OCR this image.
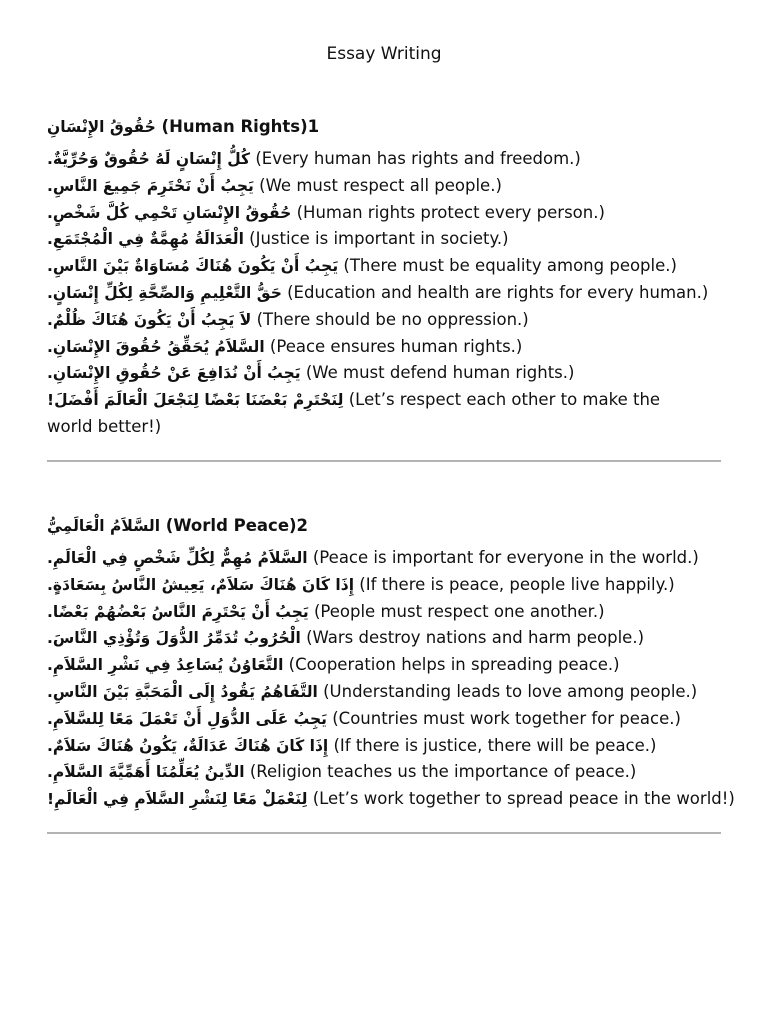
Essay Writing
حُقُوقُ الإِنْسَانِ (Human Rights)1
كُلُّ إِنْسَانٍ لَهُ حُقُوقٌ وَحُرِّيَّةٌ. (Every human has rights and freedom.)
يَجِبُ أَنْ نَحْتَرِمَ جَمِيعَ النَّاسِ. (We must respect all people.)
حُقُوقُ الإِنْسَانِ تَحْمِي كُلَّ شَخْصٍ. (Human rights protect every person.)
الْعَدَالَةُ مُهِمَّةٌ فِي الْمُجْتَمَعِ. (Justice is important in society.)
يَجِبُ أَنْ يَكُونَ هُنَاكَ مُسَاوَاةٌ بَيْنَ النَّاسِ. (There must be equality among people.)
حَقُّ التَّعْلِيمِ وَالصِّحَّةِ لِكُلِّ إِنْسَانٍ. (Education and health are rights for every human.)
لاَ يَجِبُ أَنْ يَكُونَ هُنَاكَ ظُلْمٌ. (There should be no oppression.)
السَّلاَمُ يُحَقِّقُ حُقُوقَ الإِنْسَانِ. (Peace ensures human rights.)
يَجِبُ أَنْ نُدَافِعَ عَنْ حُقُوقِ الإِنْسَانِ. (We must defend human rights.)
لِنَحْتَرِمْ بَعْضَنَا بَعْضًا لِنَجْعَلَ الْعَالَمَ أَفْضَلَ! (Let’s respect each other to make the world better!)
السَّلاَمُ الْعَالَمِيُّ (World Peace)2
السَّلاَمُ مُهِمٌّ لِكُلِّ شَخْصٍ فِي الْعَالَمِ. (Peace is important for everyone in the world.)
إِذَا كَانَ هُنَاكَ سَلاَمٌ، يَعِيشُ النَّاسُ بِسَعَادَةٍ. (If there is peace, people live happily.)
يَجِبُ أَنْ يَحْتَرِمَ النَّاسُ بَعْضُهُمْ بَعْضًا. (People must respect one another.)
الْحُرُوبُ تُدَمِّرُ الدُّوَلَ وَتُؤْذِي النَّاسَ. (Wars destroy nations and harm people.)
التَّعَاوُنُ يُسَاعِدُ فِي نَشْرِ السَّلاَمِ. (Cooperation helps in spreading peace.)
التَّفَاهُمُ يَقُودُ إِلَى الْمَحَبَّةِ بَيْنَ النَّاسِ. (Understanding leads to love among people.)
يَجِبُ عَلَى الدُّوَلِ أَنْ تَعْمَلَ مَعًا لِلسَّلاَمِ. (Countries must work together for peace.)
إِذَا كَانَ هُنَاكَ عَدَالَةٌ، يَكُونُ هُنَاكَ سَلاَمٌ. (If there is justice, there will be peace.)
الدِّينُ يُعَلِّمُنَا أَهَمِّيَّةَ السَّلاَمِ. (Religion teaches us the importance of peace.)
لِنَعْمَلْ مَعًا لِنَشْرِ السَّلاَمِ فِي الْعَالَمِ! (Let’s work together to spread peace in the world!)
